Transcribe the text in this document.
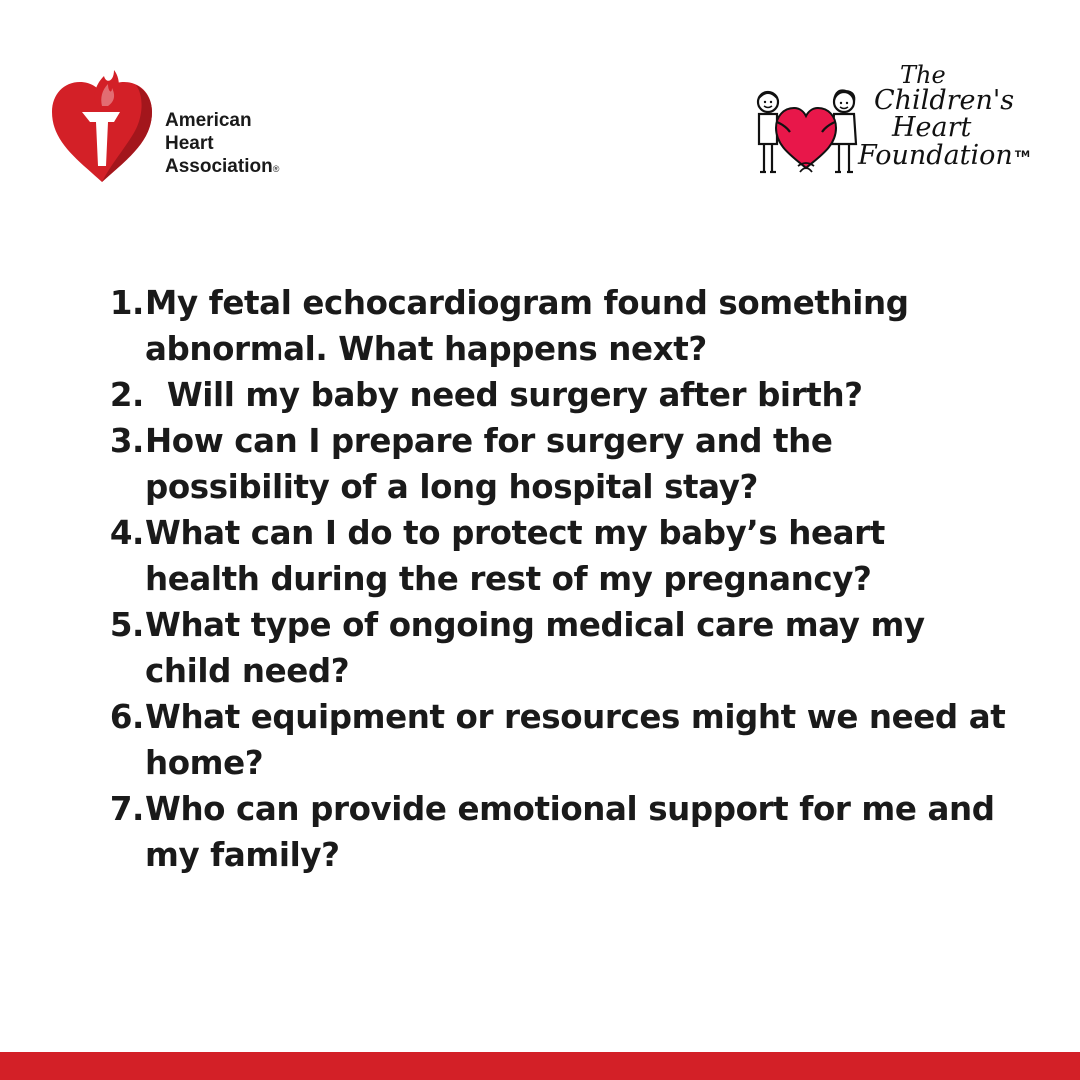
American
Heart
Association®
The
Children's
Heart
Foundation ™
1. My fetal echocardiogram found something abnormal. What happens next?
2. Will my baby need surgery after birth?
3. How can I prepare for surgery and the possibility of a long hospital stay?
4. What can I do to protect my baby’s heart health during the rest of my pregnancy?
5. What type of ongoing medical care may my child need?
6. What equipment or resources might we need at home?
7. Who can provide emotional support for me and my family?
